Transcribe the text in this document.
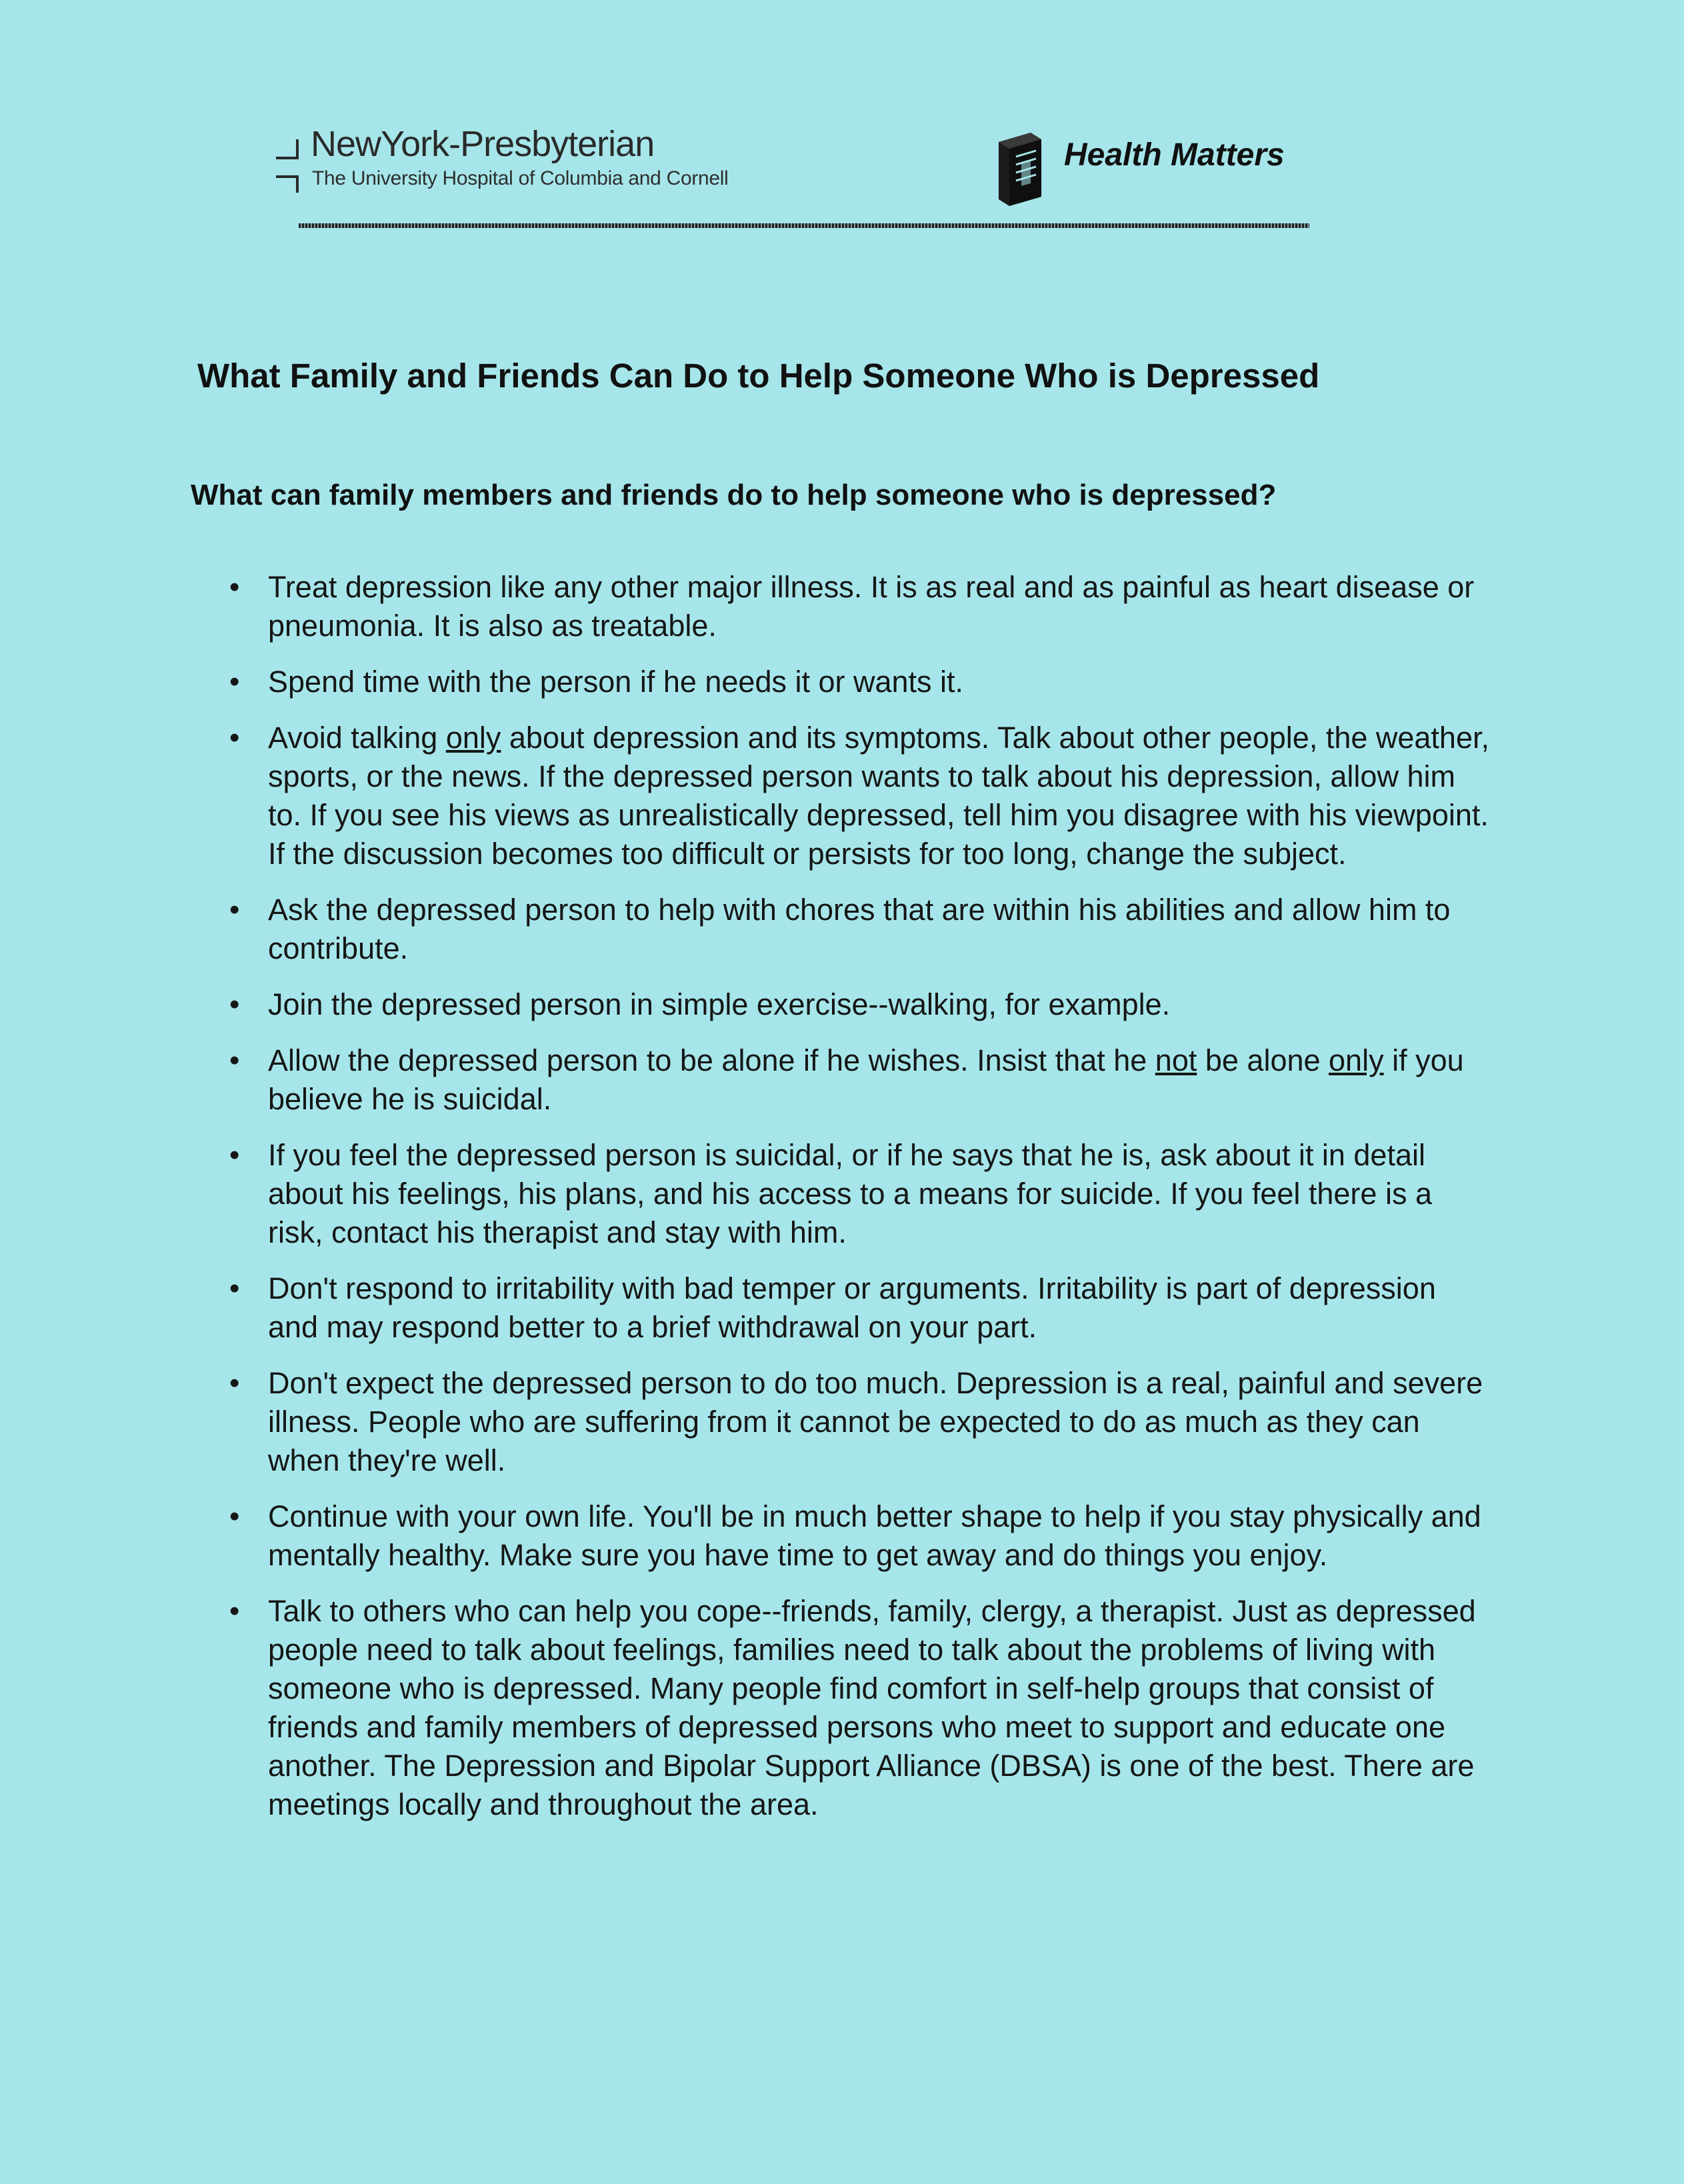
NewYork-Presbyterian
The University Hospital of Columbia and Cornell
Health Matters
What Family and Friends Can Do to Help Someone Who is Depressed
What can family members and friends do to help someone who is depressed?
• Treat depression like any other major illness. It is as real and as painful as heart disease or pneumonia. It is also as treatable.
• Spend time with the person if he needs it or wants it.
• Avoid talking only about depression and its symptoms. Talk about other people, the weather, sports, or the news. If the depressed person wants to talk about his depression, allow him to. If you see his views as unrealistically depressed, tell him you disagree with his viewpoint. If the discussion becomes too difficult or persists for too long, change the subject.
• Ask the depressed person to help with chores that are within his abilities and allow him to contribute.
• Join the depressed person in simple exercise--walking, for example.
• Allow the depressed person to be alone if he wishes. Insist that he not be alone only if you believe he is suicidal.
• If you feel the depressed person is suicidal, or if he says that he is, ask about it in detail about his feelings, his plans, and his access to a means for suicide. If you feel there is a risk, contact his therapist and stay with him.
• Don't respond to irritability with bad temper or arguments. Irritability is part of depression and may respond better to a brief withdrawal on your part.
• Don't expect the depressed person to do too much. Depression is a real, painful and severe illness. People who are suffering from it cannot be expected to do as much as they can when they're well.
• Continue with your own life. You'll be in much better shape to help if you stay physically and mentally healthy. Make sure you have time to get away and do things you enjoy.
• Talk to others who can help you cope--friends, family, clergy, a therapist. Just as depressed people need to talk about feelings, families need to talk about the problems of living with someone who is depressed. Many people find comfort in self-help groups that consist of friends and family members of depressed persons who meet to support and educate one another. The Depression and Bipolar Support Alliance (DBSA) is one of the best. There are meetings locally and throughout the area.
